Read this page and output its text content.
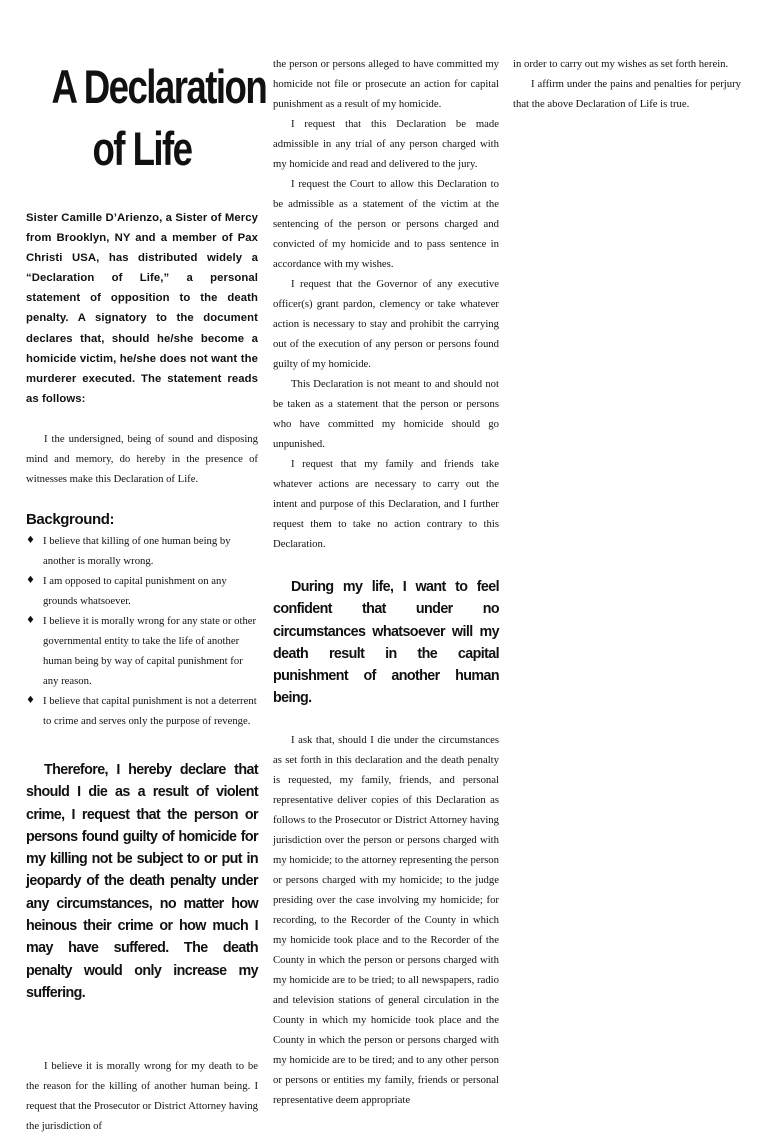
A Declaration
of Life

Sister Camille D’Arienzo, a Sister of Mercy from Brooklyn, NY and a member of Pax Christi USA, has distributed widely a “Declaration of Life,” a personal statement of opposition to the death penalty. A signatory to the document declares that, should he/she become a homicide victim, he/she does not want the murderer executed. The statement reads as follows:

I the undersigned, being of sound and disposing mind and memory, do hereby in the presence of witnesses make this Declaration of Life.

Background:
♦ I believe that killing of one human being by another is morally wrong.
♦ I am opposed to capital punishment on any grounds whatsoever.
♦ I believe it is morally wrong for any state or other governmental entity to take the life of another human being by way of capital punishment for any reason.
♦ I believe that capital punishment is not a deterrent to crime and serves only the purpose of revenge.

Therefore, I hereby declare that should I die as a result of violent crime, I request that the person or persons found guilty of homicide for my killing not be subject to or put in jeopardy of the death penalty under any circumstances, no matter how heinous their crime or how much I may have suffered. The death penalty would only increase my suffering.

I believe it is morally wrong for my death to be the reason for the killing of another human being. I request that the Prosecutor or District Attorney having the jurisdiction of

the person or persons alleged to have committed my homicide not file or prosecute an action for capital punishment as a result of my homicide.

I request that this Declaration be made admissible in any trial of any person charged with my homicide and read and delivered to the jury.

I request the Court to allow this Declaration to be admissible as a statement of the victim at the sentencing of the person or persons charged and convicted of my homicide and to pass sentence in accordance with my wishes.

I request that the Governor of any executive officer(s) grant pardon, clemency or take whatever action is necessary to stay and prohibit the carrying out of the execution of any person or persons found guilty of my homicide.

This Declaration is not meant to and should not be taken as a statement that the person or persons who have committed my homicide should go unpunished.

I request that my family and friends take whatever actions are necessary to carry out the intent and purpose of this Declaration, and I further request them to take no action contrary to this Declaration.

During my life, I want to feel confident that under no circumstances whatsoever will my death result in the capital punishment of another human being.

I ask that, should I die under the circumstances as set forth in this declaration and the death penalty is requested, my family, friends, and personal representative deliver copies of this Declaration as follows to the Prosecutor or District Attorney having jurisdiction over the person or persons charged with my homicide; to the attorney representing the person or persons charged with my homicide; to the judge presiding over the case involving my homicide; for recording, to the Recorder of the County in which my homicide took place and to the Recorder of the County in which the person or persons charged with my homicide are to be tried; to all newspapers, radio and television stations of general circulation in the County in which my homicide took place and the County in which the person or persons charged with my homicide are to be tired; and to any other person or persons or entities my family, friends or personal representative deem appropriate

in order to carry out my wishes as set forth herein.

I affirm under the pains and penalties for perjury that the above Declaration of Life is true.
